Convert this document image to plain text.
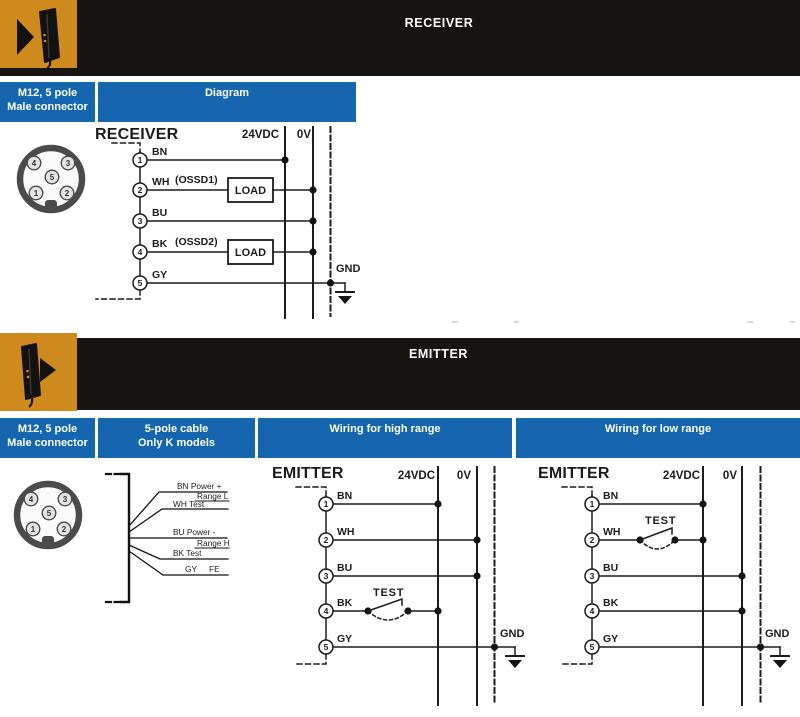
RECEIVER
M12, 5 pole
Male connector
Diagram
4	3
5
1	2
RECEIVER	24VDC 0V
1
BN
LOAD
2
WH (OSSD1)
3
BU
LOAD
4
BK (OSSD2)
5
GY	GND
EMITTER
M12, 5 pole
Male connector
5-pole cable
Only K models
Wiring for high range	Wiring for low range
4	3
5
1	2
BN Power +
Range L
WH Test
BU Power -
Range H
BK Test
GY FE
EMITTER	24VDC 0V
1
BN
2
WH
3
BU
TEST
4
BK
5
GY	GND
EMITTER	24VDC 0V
1
BN
TEST
2
WH
3
BU
4
BK
5
GY	GND
